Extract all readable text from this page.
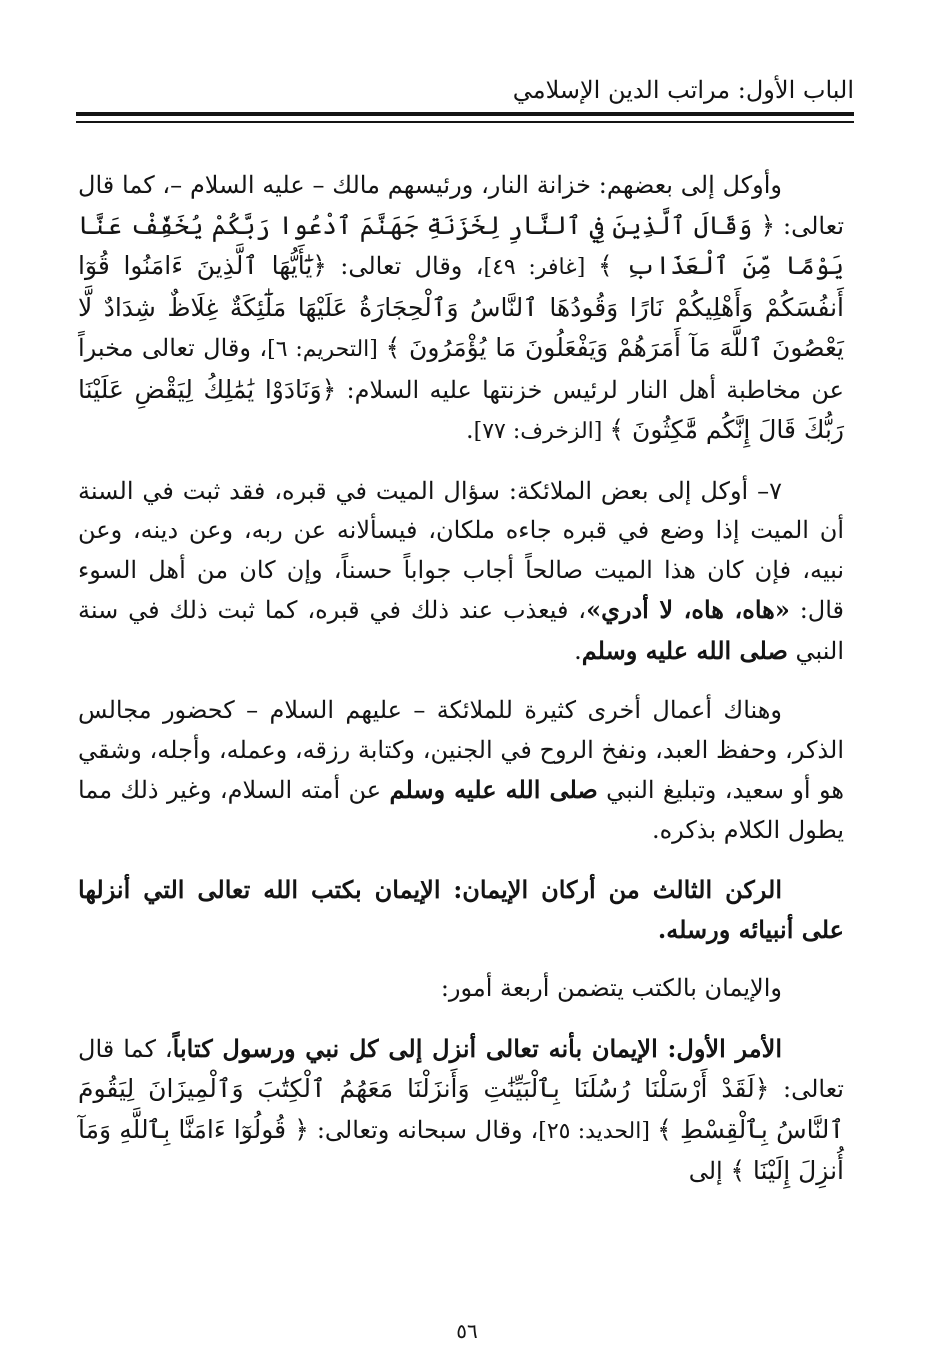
الباب الأول: مراتب الدين الإسلامي

وأوكل إلى بعضهم: خزانة النار، ورئيسهم مالك – عليه السلام –، كما قال تعالى: ﴿ وَقَالَ ٱلَّذِينَ فِي ٱلنَّارِ لِخَزَنَةِ جَهَنَّمَ ٱدْعُوا رَبَّكُمْ يُخَفِّفْ عَنَّا يَوْمًا مِّنَ ٱلْعَذَابِ ﴾ [غافر: ٤٩]، وقال تعالى: ﴿يَٰٓأَيُّهَا ٱلَّذِينَ ءَامَنُوا قُوٓا أَنفُسَكُمْ وَأَهْلِيكُمْ نَارًا وَقُودُهَا ٱلنَّاسُ وَٱلْحِجَارَةُ عَلَيْهَا مَلَٰٓئِكَةٌ غِلَاظٌ شِدَادٌ لَّا يَعْصُونَ ٱللَّهَ مَآ أَمَرَهُمْ وَيَفْعَلُونَ مَا يُؤْمَرُونَ ﴾ [التحريم: ٦]، وقال تعالى مخبراً عن مخاطبة أهل النار لرئيس خزنتها عليه السلام: ﴿وَنَادَوْا يَٰمَٰلِكُ لِيَقْضِ عَلَيْنَا رَبُّكَ قَالَ إِنَّكُم مَّٰكِثُونَ ﴾ [الزخرف: ٧٧].

٧– أوكل إلى بعض الملائكة: سؤال الميت في قبره، فقد ثبت في السنة أن الميت إذا وضع في قبره جاءه ملكان، فيسألانه عن ربه، وعن دينه، وعن نبيه، فإن كان هذا الميت صالحاً أجاب جواباً حسناً، وإن كان من أهل السوء قال: «هاه، هاه، لا أدري»، فيعذب عند ذلك في قبره، كما ثبت ذلك في سنة النبي صلى الله عليه وسلم.

وهناك أعمال أخرى كثيرة للملائكة – عليهم السلام – كحضور مجالس الذكر، وحفظ العبد، ونفخ الروح في الجنين، وكتابة رزقه، وعمله، وأجله، وشقي هو أو سعيد، وتبليغ النبي صلى الله عليه وسلم عن أمته السلام، وغير ذلك مما يطول الكلام بذكره.

الركن الثالث من أركان الإيمان: الإيمان بكتب الله تعالى التي أنزلها على أنبيائه ورسله.

والإيمان بالكتب يتضمن أربعة أمور:

الأمر الأول: الإيمان بأنه تعالى أنزل إلى كل نبي ورسول كتاباً، كما قال تعالى: ﴿لَقَدْ أَرْسَلْنَا رُسُلَنَا بِٱلْبَيِّنَٰتِ وَأَنزَلْنَا مَعَهُمُ ٱلْكِتَٰبَ وَٱلْمِيزَانَ لِيَقُومَ ٱلنَّاسُ بِٱلْقِسْطِ ﴾ [الحديد: ٢٥]، وقال سبحانه وتعالى: ﴿ قُولُوٓا ءَامَنَّا بِٱللَّهِ وَمَآ أُنزِلَ إِلَيْنَا ﴾ إلى

٥٦
